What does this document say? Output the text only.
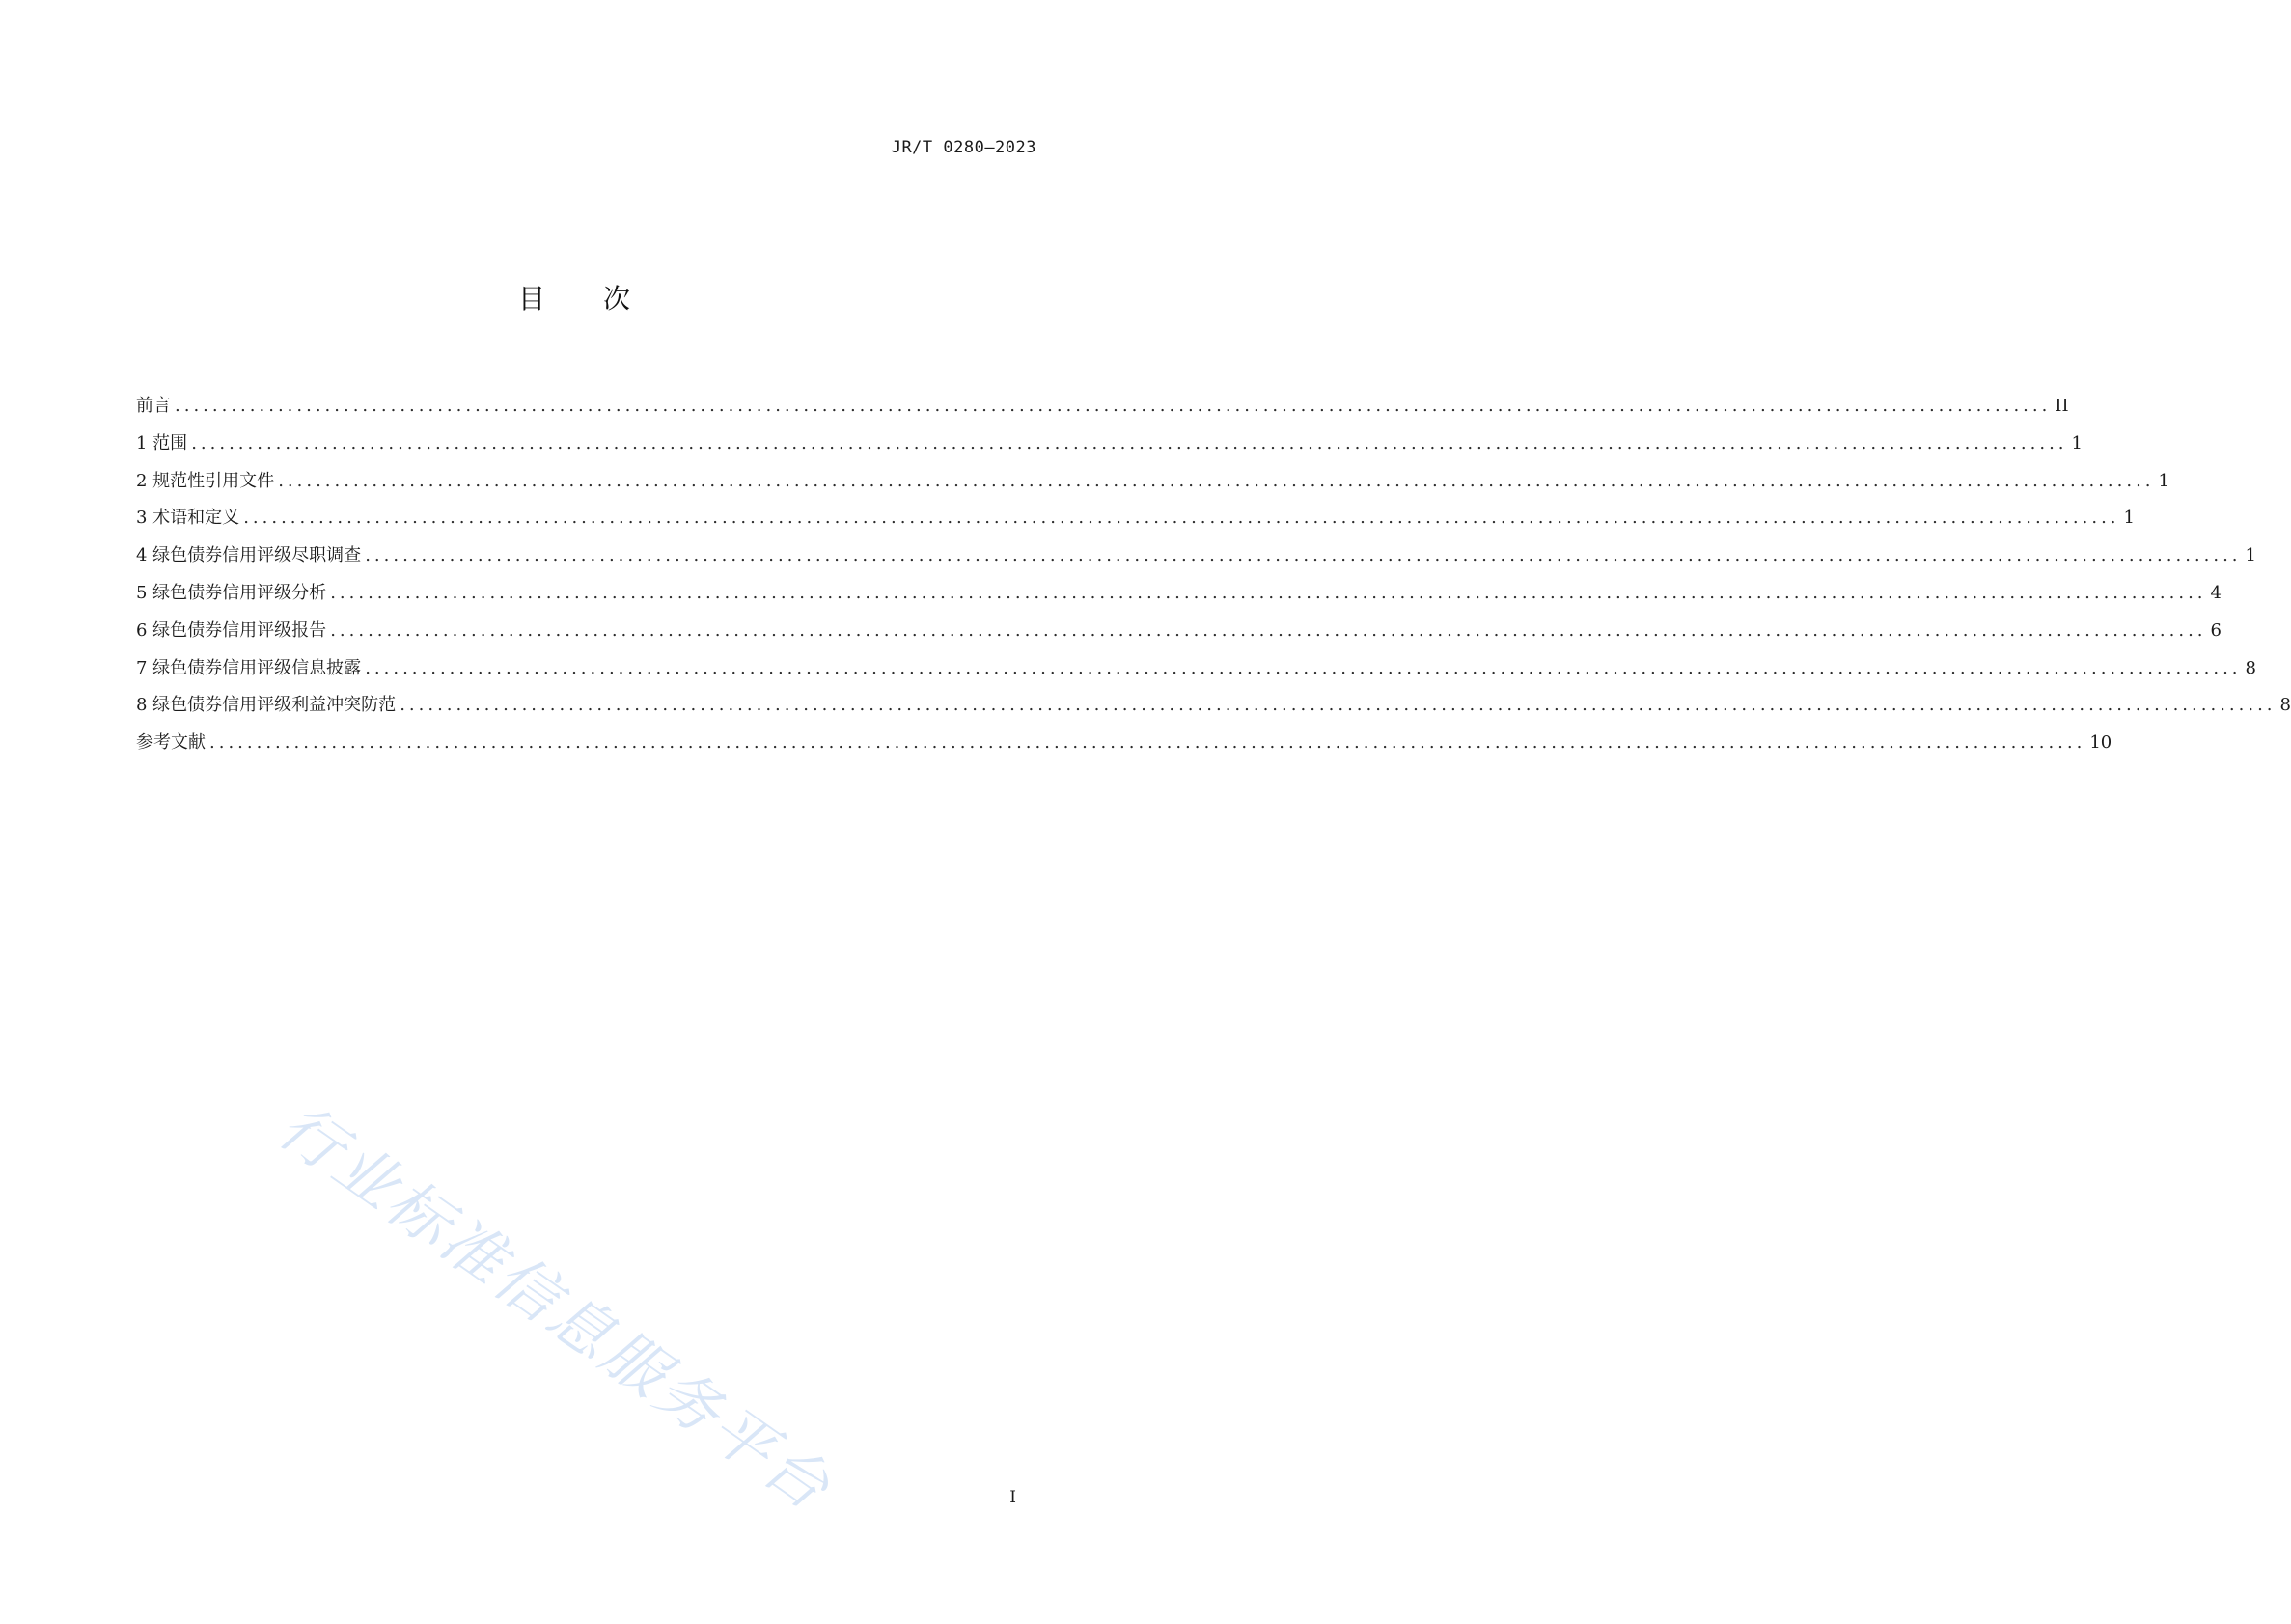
JR/T 0280—2023
目次
前言 ........................................................................................................................................................................................................ II
1 范围 ........................................................................................................................................................................................................ 1
2 规范性引用文件 ........................................................................................................................................................................................................ 1
3 术语和定义 ........................................................................................................................................................................................................ 1
4 绿色债券信用评级尽职调查 ........................................................................................................................................................................................................ 1
5 绿色债券信用评级分析 ........................................................................................................................................................................................................ 4
6 绿色债券信用评级报告 ........................................................................................................................................................................................................ 6
7 绿色债券信用评级信息披露 ........................................................................................................................................................................................................ 8
8 绿色债券信用评级利益冲突防范 ........................................................................................................................................................................................................ 8
参考文献 ........................................................................................................................................................................................................ 10
行业标准信息服务平台	I
